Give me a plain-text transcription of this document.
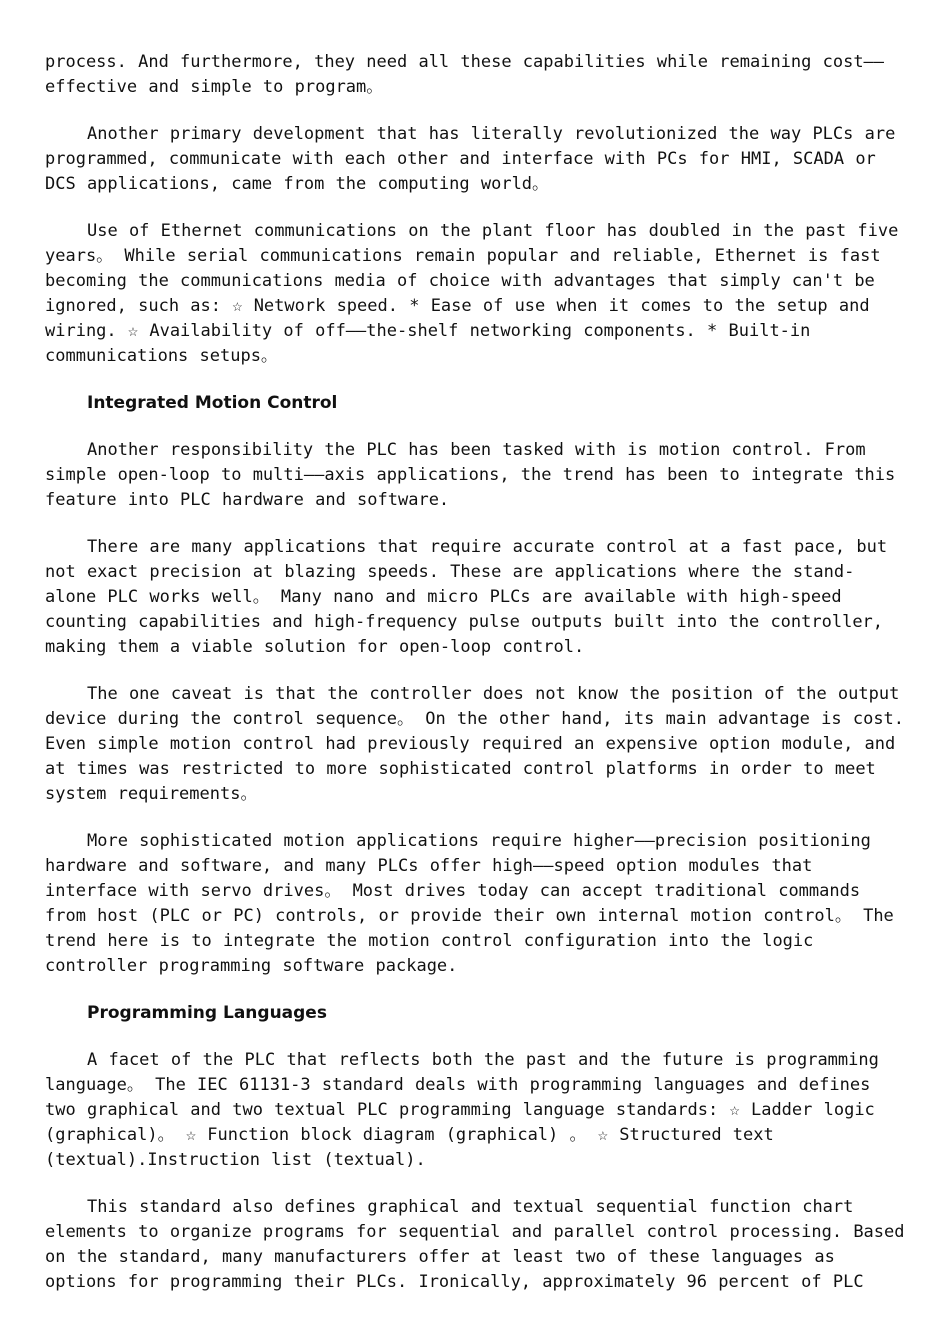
process. And furthermore, they need all these capabilities while remaining cost——effective and simple to program。

Another primary development that has literally revolutionized the way PLCs are programmed, communicate with each other and interface with PCs for HMI, SCADA or DCS applications, came from the computing world。

Use of Ethernet communications on the plant floor has doubled in the past five years。 While serial communications remain popular and reliable, Ethernet is fast becoming the communications media of choice with advantages that simply can't be ignored, such as: ☆ Network speed. * Ease of use when it comes to the setup and wiring. ☆ Availability of off——the-shelf networking components. * Built-in communications setups。

Integrated Motion Control

Another responsibility the PLC has been tasked with is motion control. From simple open-loop to multi——axis applications, the trend has been to integrate this feature into PLC hardware and software.

There are many applications that require accurate control at a fast pace, but not exact precision at blazing speeds. These are applications where the stand-alone PLC works well。 Many nano and micro PLCs are available with high-speed counting capabilities and high-frequency pulse outputs built into the controller, making them a viable solution for open-loop control.

The one caveat is that the controller does not know the position of the output device during the control sequence。 On the other hand, its main advantage is cost. Even simple motion control had previously required an expensive option module, and at times was restricted to more sophisticated control platforms in order to meet system requirements。

More sophisticated motion applications require higher——precision positioning hardware and software, and many PLCs offer high——speed option modules that interface with servo drives。 Most drives today can accept traditional commands from host (PLC or PC) controls, or provide their own internal motion control。 The trend here is to integrate the motion control configuration into the logic controller programming software package.

Programming Languages

A facet of the PLC that reflects both the past and the future is programming language。 The IEC 61131-3 standard deals with programming languages and defines two graphical and two textual PLC programming language standards: ☆ Ladder logic (graphical)。 ☆ Function block diagram (graphical) 。 ☆ Structured text (textual).Instruction list (textual).

This standard also defines graphical and textual sequential function chart elements to organize programs for sequential and parallel control processing. Based on the standard, many manufacturers offer at least two of these languages as options for programming their PLCs. Ironically, approximately 96 percent of PLC
